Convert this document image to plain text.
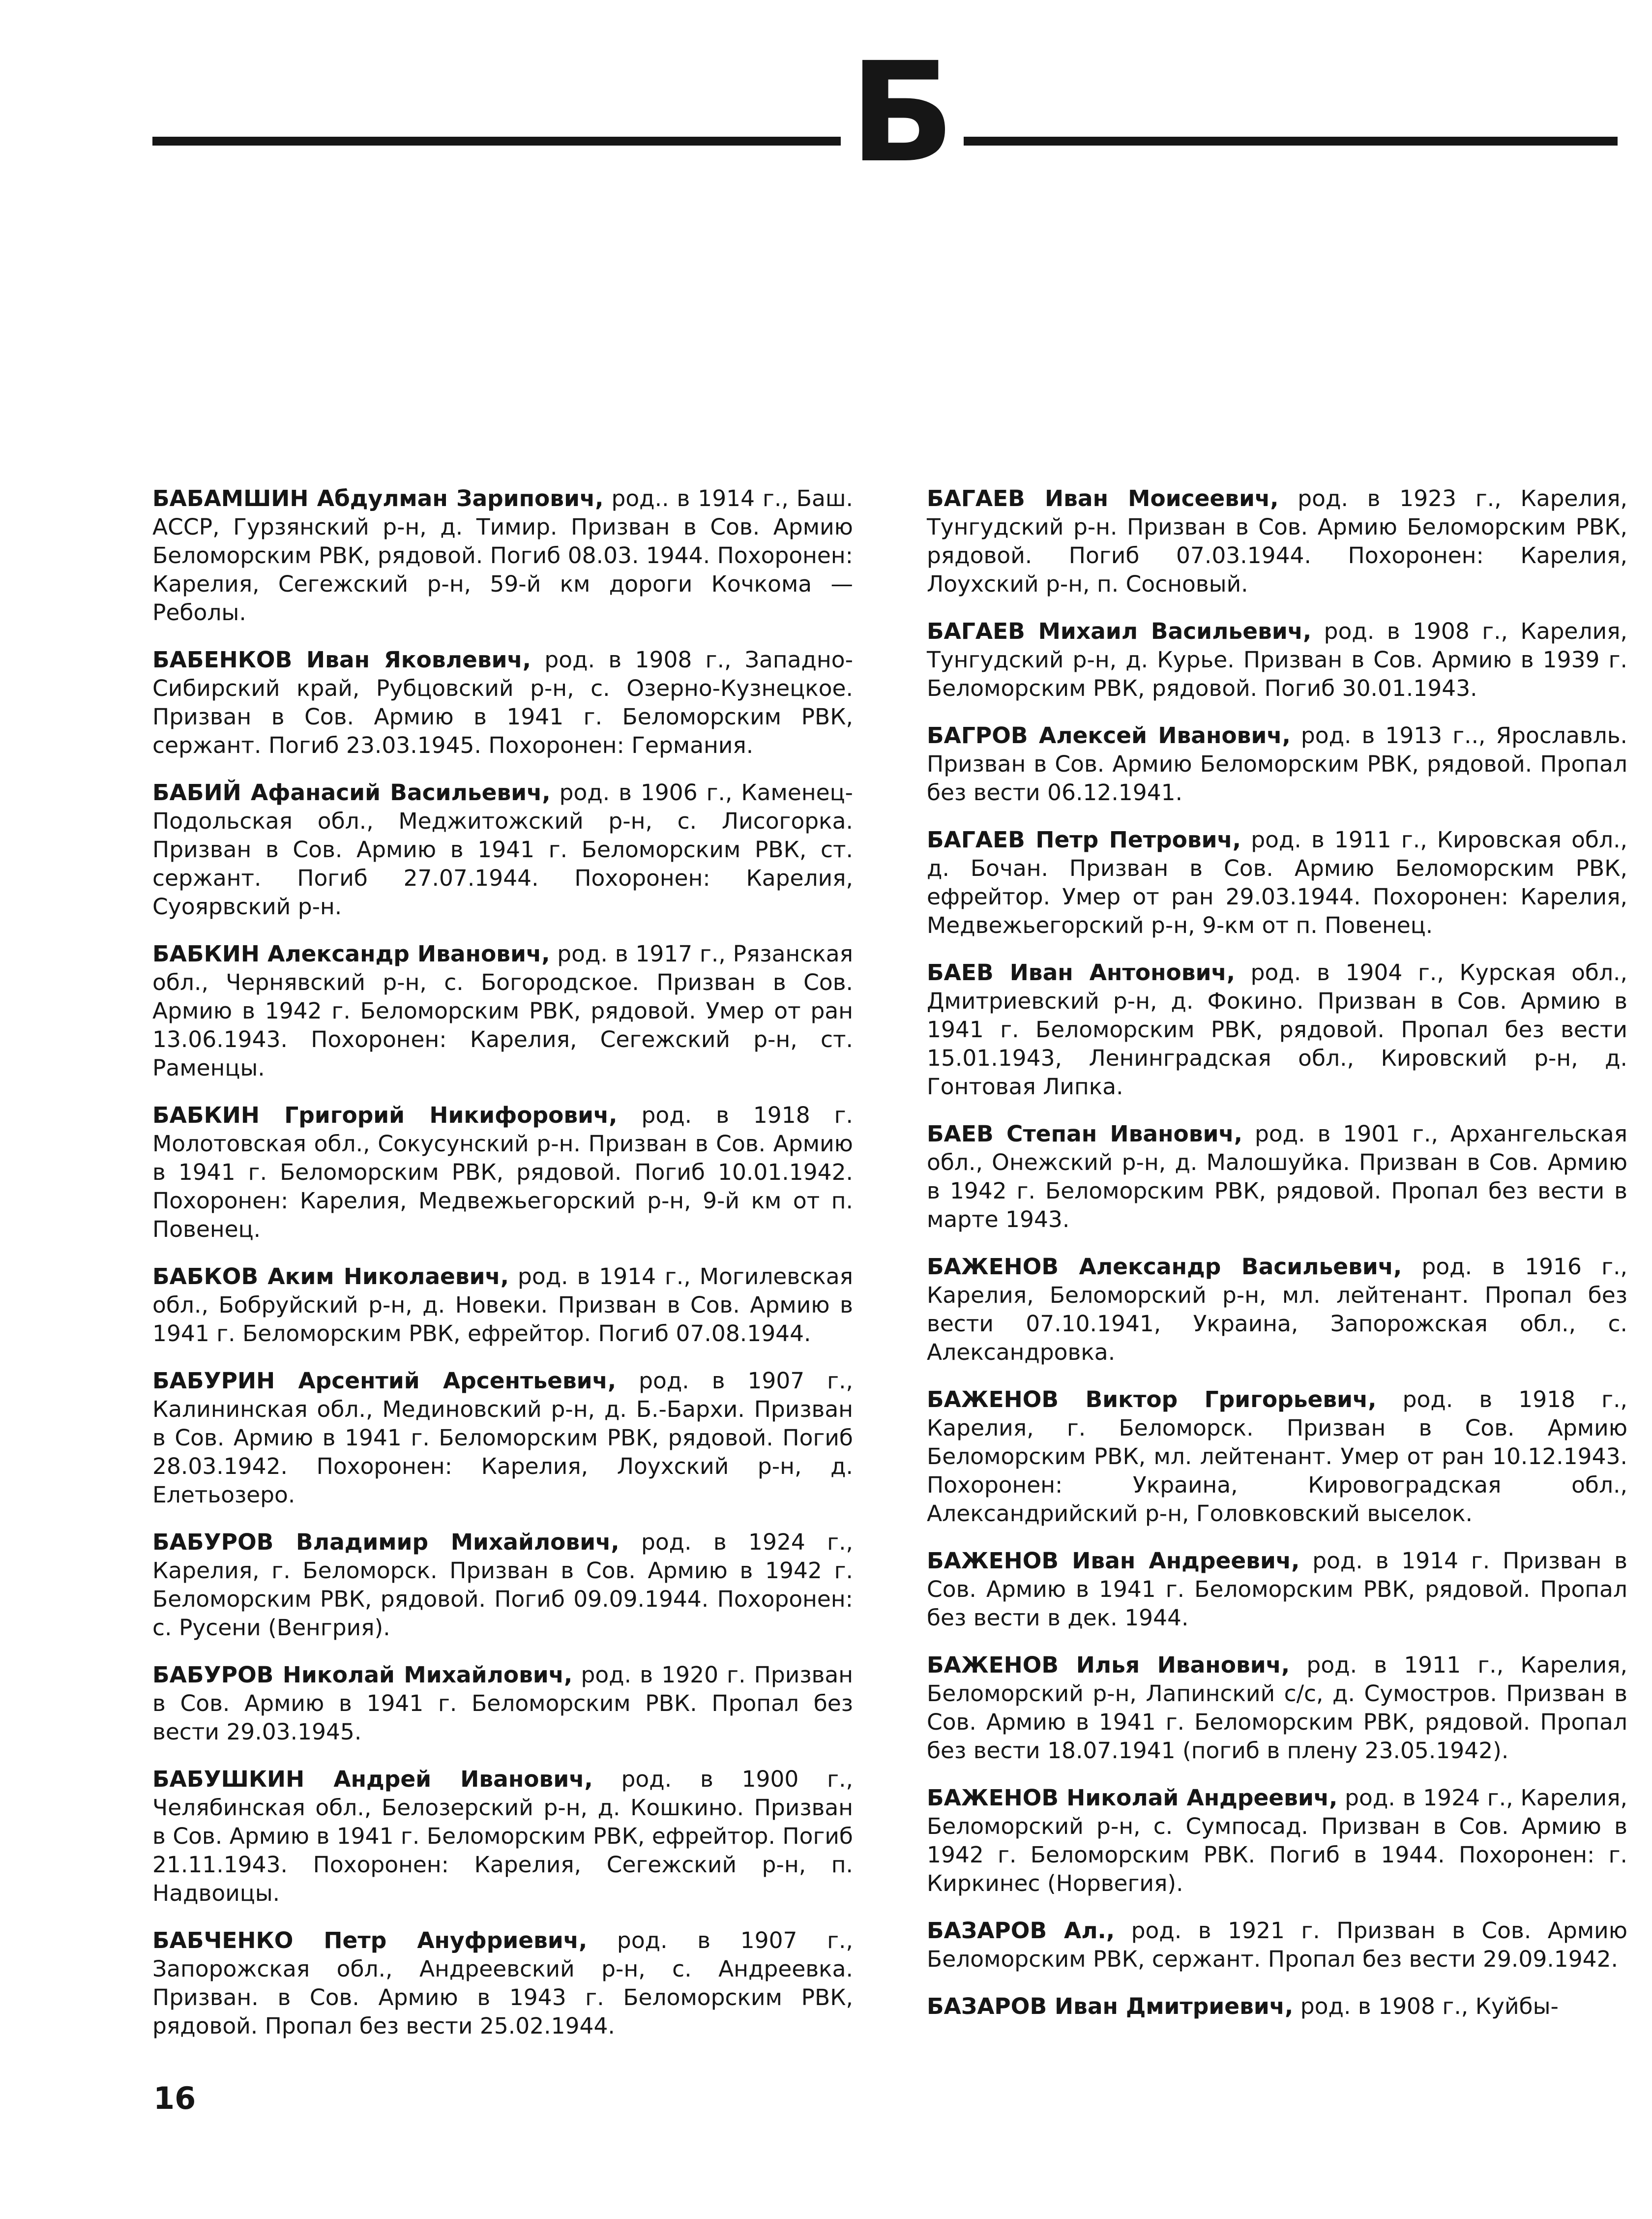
Б

БАБАМШИН Абдулман Зарипович, род.. в 1914 г., Баш. АССР, Гурзянский р-н, д. Тимир. Призван в Сов. Армию Беломорским РВК, рядовой. Погиб 08.03. 1944. Похоронен: Карелия, Сегежский р-н, 59-й км дороги Кочкома — Реболы.

БАБЕНКОВ Иван Яковлевич, род. в 1908 г., Западно-Сибирский край, Рубцовский р-н, с. Озерно-Кузнецкое. Призван в Сов. Армию в 1941 г. Беломорским РВК, сержант. Погиб 23.03.1945. Похоронен: Германия.

БАБИЙ Афанасий Васильевич, род. в 1906 г., Каменец-Подольская обл., Меджитожский р-н, с. Лисогорка. Призван в Сов. Армию в 1941 г. Беломорским РВК, ст. сержант. Погиб 27.07.1944. Похоронен: Карелия, Суоярвский р-н.

БАБКИН Александр Иванович, род. в 1917 г., Рязанская обл., Чернявский р-н, с. Богородское. Призван в Сов. Армию в 1942 г. Беломорским РВК, рядовой. Умер от ран 13.06.1943. Похоронен: Карелия, Сегежский р-н, ст. Раменцы.

БАБКИН Григорий Никифорович, род. в 1918 г. Молотовская обл., Сокусунский р-н. Призван в Сов. Армию в 1941 г. Беломорским РВК, рядовой. Погиб 10.01.1942. Похоронен: Карелия, Медвежьегорский р-н, 9-й км от п. Повенец.

БАБКОВ Аким Николаевич, род. в 1914 г., Могилевская обл., Бобруйский р-н, д. Новеки. Призван в Сов. Армию в 1941 г. Беломорским РВК, ефрейтор. Погиб 07.08.1944.

БАБУРИН Арсентий Арсентьевич, род. в 1907 г., Калининская обл., Мединовский р-н, д. Б.-Бархи. Призван в Сов. Армию в 1941 г. Беломорским РВК, рядовой. Погиб 28.03.1942. Похоронен: Карелия, Лоухский р-н, д. Елетьозеро.

БАБУРОВ Владимир Михайлович, род. в 1924 г., Карелия, г. Беломорск. Призван в Сов. Армию в 1942 г. Беломорским РВК, рядовой. Погиб 09.09.1944. Похоронен: с. Русени (Венгрия).

БАБУРОВ Николай Михайлович, род. в 1920 г. Призван в Сов. Армию в 1941 г. Беломорским РВК. Пропал без вести 29.03.1945.

БАБУШКИН Андрей Иванович, род. в 1900 г., Челябинская обл., Белозерский р-н, д. Кошкино. Призван в Сов. Армию в 1941 г. Беломорским РВК, ефрейтор. Погиб 21.11.1943. Похоронен: Карелия, Сегежский р-н, п. Надвоицы.

БАБЧЕНКО Петр Ануфриевич, род. в 1907 г., Запорожская обл., Андреевский р-н, с. Андреевка. Призван. в Сов. Армию в 1943 г. Беломорским РВК, рядовой. Пропал без вести 25.02.1944.

БАГАЕВ Иван Моисеевич, род. в 1923 г., Карелия, Тунгудский р-н. Призван в Сов. Армию Беломорским РВК, рядовой. Погиб 07.03.1944. Похоронен: Карелия, Лоухский р-н, п. Сосновый.

БАГАЕВ Михаил Васильевич, род. в 1908 г., Карелия, Тунгудский р-н, д. Курье. Призван в Сов. Армию в 1939 г. Беломорским РВК, рядовой. Погиб 30.01.1943.

БАГРОВ Алексей Иванович, род. в 1913 г.., Ярославль. Призван в Сов. Армию Беломорским РВК, рядовой. Пропал без вести 06.12.1941.

БАГАЕВ Петр Петрович, род. в 1911 г., Кировская обл., д. Бочан. Призван в Сов. Армию Беломорским РВК, ефрейтор. Умер от ран 29.03.1944. Похоронен: Карелия, Медвежьегорский р-н, 9-км от п. Повенец.

БАЕВ Иван Антонович, род. в 1904 г., Курская обл., Дмитриевский р-н, д. Фокино. Призван в Сов. Армию в 1941 г. Беломорским РВК, рядовой. Пропал без вести 15.01.1943, Ленинградская обл., Кировский р-н, д. Гонтовая Липка.

БАЕВ Степан Иванович, род. в 1901 г., Архангельская обл., Онежский р-н, д. Малошуйка. Призван в Сов. Армию в 1942 г. Беломорским РВК, рядовой. Пропал без вести в марте 1943.

БАЖЕНОВ Александр Васильевич, род. в 1916 г., Карелия, Беломорский р-н, мл. лейтенант. Пропал без вести 07.10.1941, Украина, Запорожская обл., с. Александровка.

БАЖЕНОВ Виктор Григорьевич, род. в 1918 г., Карелия, г. Беломорск. Призван в Сов. Армию Беломорским РВК, мл. лейтенант. Умер от ран 10.12.1943. Похоронен: Украина, Кировоградская обл., Александрийский р-н, Головковский выселок.

БАЖЕНОВ Иван Андреевич, род. в 1914 г. Призван в Сов. Армию в 1941 г. Беломорским РВК, рядовой. Пропал без вести в дек. 1944.

БАЖЕНОВ Илья Иванович, род. в 1911 г., Карелия, Беломорский р-н, Лапинский с/с, д. Сумостров. Призван в Сов. Армию в 1941 г. Беломорским РВК, рядовой. Пропал без вести 18.07.1941 (погиб в плену 23.05.1942).

БАЖЕНОВ Николай Андреевич, род. в 1924 г., Карелия, Беломорский р-н, с. Сумпосад. Призван в Сов. Армию в 1942 г. Беломорским РВК. Погиб в 1944. Похоронен: г. Киркинес (Норвегия).

БАЗАРОВ Ал., род. в 1921 г. Призван в Сов. Армию Беломорским РВК, сержант. Пропал без вести 29.09.1942.

БАЗАРОВ Иван Дмитриевич, род. в 1908 г., Куйбы-

16
